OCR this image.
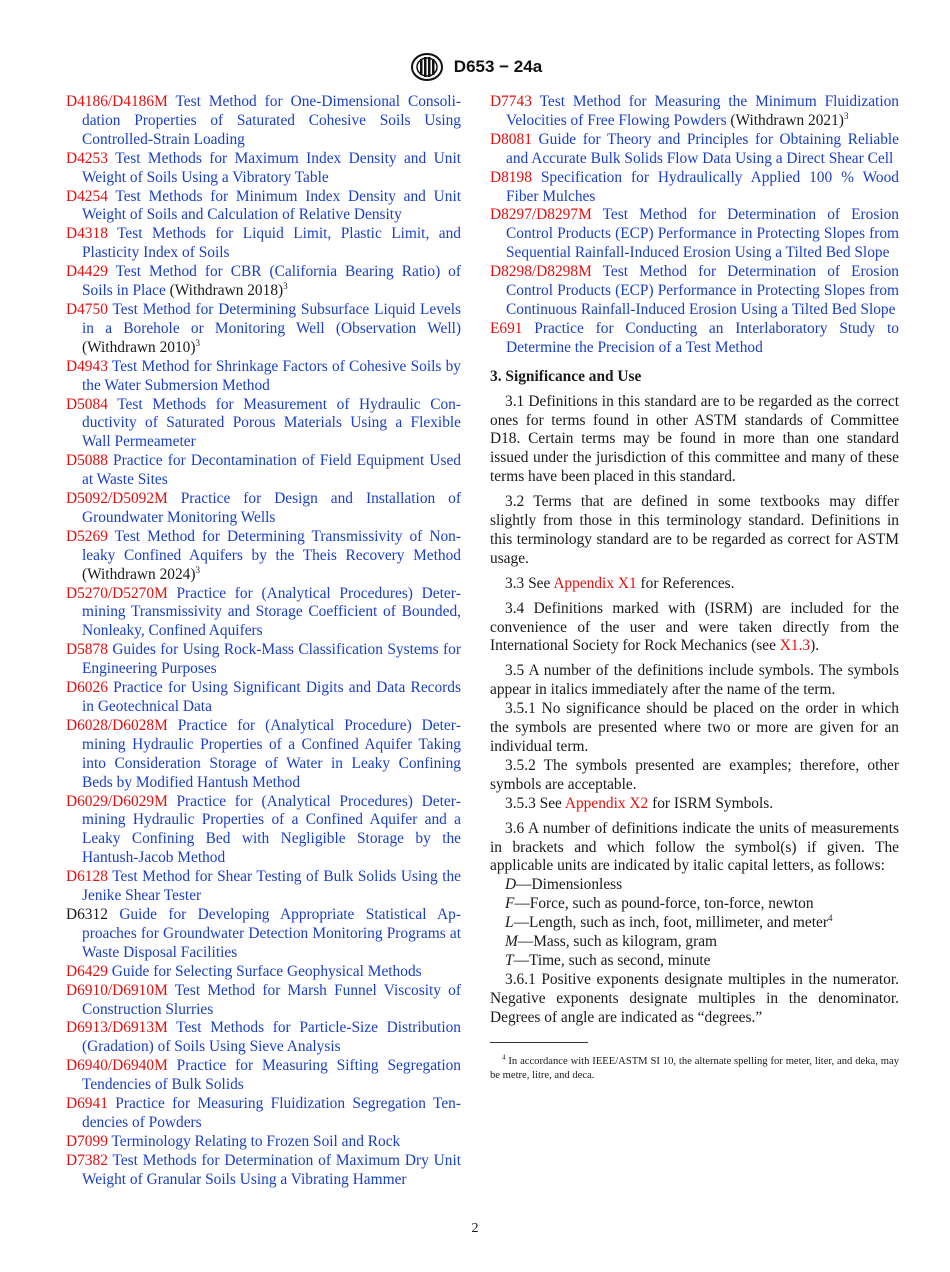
D653 − 24a
D4186/D4186M Test Method for One-Dimensional Consolidation Properties of Saturated Cohesive Soils Using Controlled-Strain Loading
D4253 Test Methods for Maximum Index Density and Unit Weight of Soils Using a Vibratory Table
D4254 Test Methods for Minimum Index Density and Unit Weight of Soils and Calculation of Relative Density
D4318 Test Methods for Liquid Limit, Plastic Limit, and Plasticity Index of Soils
D4429 Test Method for CBR (California Bearing Ratio) of Soils in Place (Withdrawn 2018)$^3$
D4750 Test Method for Determining Subsurface Liquid Levels in a Borehole or Monitoring Well (Observation Well) (Withdrawn 2010)$^3$
D4943 Test Method for Shrinkage Factors of Cohesive Soils by the Water Submersion Method
D5084 Test Methods for Measurement of Hydraulic Conductivity of Saturated Porous Materials Using a Flexible Wall Permeameter
D5088 Practice for Decontamination of Field Equipment Used at Waste Sites
D5092/D5092M Practice for Design and Installation of Groundwater Monitoring Wells
D5269 Test Method for Determining Transmissivity of Nonleaky Confined Aquifers by the Theis Recovery Method (Withdrawn 2024)$^3$
D5270/D5270M Practice for (Analytical Procedures) Determining Transmissivity and Storage Coefficient of Bounded, Nonleaky, Confined Aquifers
D5878 Guides for Using Rock-Mass Classification Systems for Engineering Purposes
D6026 Practice for Using Significant Digits and Data Records in Geotechnical Data
D6028/D6028M Practice for (Analytical Procedure) Determining Hydraulic Properties of a Confined Aquifer Taking into Consideration Storage of Water in Leaky Confining Beds by Modified Hantush Method
D6029/D6029M Practice for (Analytical Procedures) Determining Hydraulic Properties of a Confined Aquifer and a Leaky Confining Bed with Negligible Storage by the Hantush-Jacob Method
D6128 Test Method for Shear Testing of Bulk Solids Using the Jenike Shear Tester
D6312 Guide for Developing Appropriate Statistical Approaches for Groundwater Detection Monitoring Programs at Waste Disposal Facilities
D6429 Guide for Selecting Surface Geophysical Methods
D6910/D6910M Test Method for Marsh Funnel Viscosity of Construction Slurries
D6913/D6913M Test Methods for Particle-Size Distribution (Gradation) of Soils Using Sieve Analysis
D6940/D6940M Practice for Measuring Sifting Segregation Tendencies of Bulk Solids
D6941 Practice for Measuring Fluidization Segregation Tendencies of Powders
D7099 Terminology Relating to Frozen Soil and Rock
D7382 Test Methods for Determination of Maximum Dry Unit Weight of Granular Soils Using a Vibrating Hammer
D7743 Test Method for Measuring the Minimum Fluidization Velocities of Free Flowing Powders (Withdrawn 2021)$^3$
D8081 Guide for Theory and Principles for Obtaining Reliable and Accurate Bulk Solids Flow Data Using a Direct Shear Cell
D8198 Specification for Hydraulically Applied 100 % Wood Fiber Mulches
D8297/D8297M Test Method for Determination of Erosion Control Products (ECP) Performance in Protecting Slopes from Sequential Rainfall-Induced Erosion Using a Tilted Bed Slope
D8298/D8298M Test Method for Determination of Erosion Control Products (ECP) Performance in Protecting Slopes from Continuous Rainfall-Induced Erosion Using a Tilted Bed Slope
E691 Practice for Conducting an Interlaboratory Study to Determine the Precision of a Test Method
3. Significance and Use
3.1 Definitions in this standard are to be regarded as the correct ones for terms found in other ASTM standards of Committee D18. Certain terms may be found in more than one standard issued under the jurisdiction of this committee and many of these terms have been placed in this standard.
3.2 Terms that are defined in some textbooks may differ slightly from those in this terminology standard. Definitions in this terminology standard are to be regarded as correct for ASTM usage.
3.3 See Appendix X1 for References.
3.4 Definitions marked with (ISRM) are included for the convenience of the user and were taken directly from the International Society for Rock Mechanics (see X1.3).
3.5 A number of the definitions include symbols. The symbols appear in italics immediately after the name of the term.
3.5.1 No significance should be placed on the order in which the symbols are presented where two or more are given for an individual term.
3.5.2 The symbols presented are examples; therefore, other symbols are acceptable.
3.5.3 See Appendix X2 for ISRM Symbols.
3.6 A number of definitions indicate the units of measurements in brackets and which follow the symbol(s) if given. The applicable units are indicated by italic capital letters, as follows:
D—Dimensionless
F—Force, such as pound-force, ton-force, newton
L—Length, such as inch, foot, millimeter, and meter$^4$
M—Mass, such as kilogram, gram
T—Time, such as second, minute
3.6.1 Positive exponents designate multiples in the numerator. Negative exponents designate multiples in the denominator. Degrees of angle are indicated as “degrees.”
$^4$ In accordance with IEEE/ASTM SI 10, the alternate spelling for meter, liter, and deka, may be metre, litre, and deca.
2
